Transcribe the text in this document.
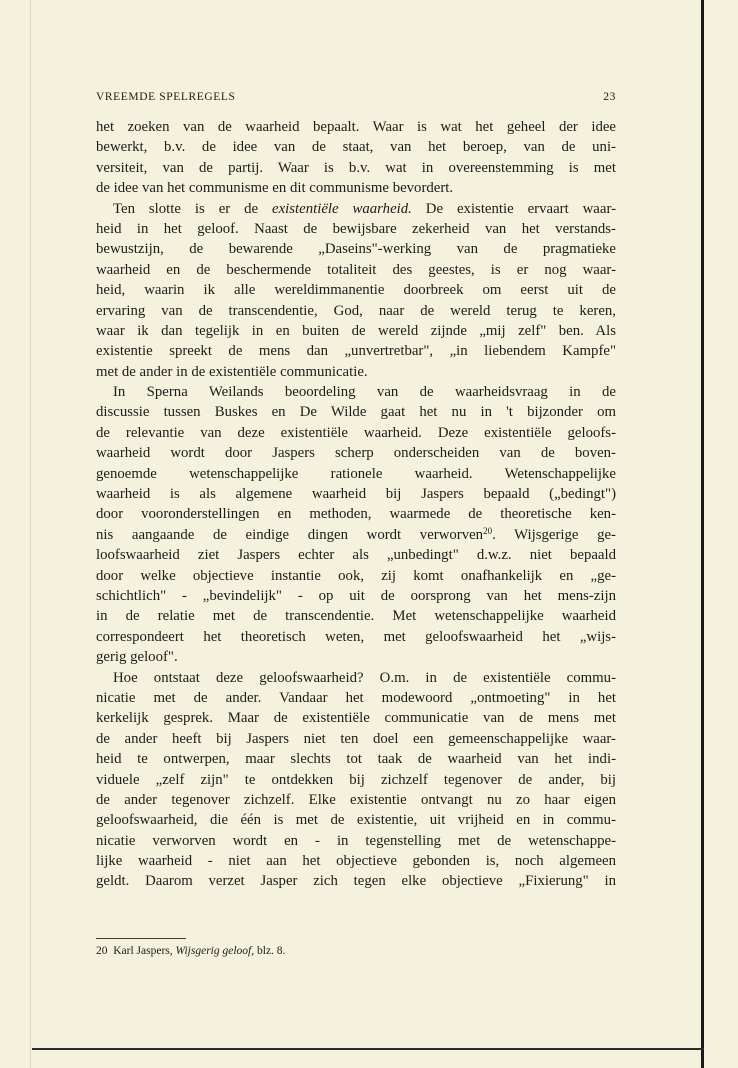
VREEMDE SPELREGELS	23
het zoeken van de waarheid bepaalt. Waar is wat het geheel der idee
bewerkt, b.v. de idee van de staat, van het beroep, van de uni-
versiteit, van de partij. Waar is b.v. wat in overeenstemming is met
de idee van het communisme en dit communisme bevordert.
Ten slotte is er de existentiële waarheid. De existentie ervaart waar-
heid in het geloof. Naast de bewijsbare zekerheid van het verstands-
bewustzijn, de bewarende „Daseins"-werking van de pragmatieke
waarheid en de beschermende totaliteit des geestes, is er nog waar-
heid, waarin ik alle wereldimmanentie doorbreek om eerst uit de
ervaring van de transcendentie, God, naar de wereld terug te keren,
waar ik dan tegelijk in en buiten de wereld zijnde „mij zelf" ben. Als
existentie spreekt de mens dan „unvertretbar", „in liebendem Kampfe"
met de ander in de existentiële communicatie.
In Sperna Weilands beoordeling van de waarheidsvraag in de
discussie tussen Buskes en De Wilde gaat het nu in 't bijzonder om
de relevantie van deze existentiële waarheid. Deze existentiële geloofs-
waarheid wordt door Jaspers scherp onderscheiden van de boven-
genoemde wetenschappelijke rationele waarheid. Wetenschappelijke
waarheid is als algemene waarheid bij Jaspers bepaald („bedingt")
door vooronderstellingen en methoden, waarmede de theoretische ken-
nis aangaande de eindige dingen wordt verworven$^{20}$. Wijsgerige ge-
loofswaarheid ziet Jaspers echter als „unbedingt" d.w.z. niet bepaald
door welke objectieve instantie ook, zij komt onafhankelijk en „ge-
schichtlich" - „bevindelijk" - op uit de oorsprong van het mens-zijn
in de relatie met de transcendentie. Met wetenschappelijke waarheid
correspondeert het theoretisch weten, met geloofswaarheid het „wijs-
gerig geloof".
Hoe ontstaat deze geloofswaarheid? O.m. in de existentiële commu-
nicatie met de ander. Vandaar het modewoord „ontmoeting" in het
kerkelijk gesprek. Maar de existentiële communicatie van de mens met
de ander heeft bij Jaspers niet ten doel een gemeenschappelijke waar-
heid te ontwerpen, maar slechts tot taak de waarheid van het indi-
viduele „zelf zijn" te ontdekken bij zichzelf tegenover de ander, bij
de ander tegenover zichzelf. Elke existentie ontvangt nu zo haar eigen
geloofswaarheid, die één is met de existentie, uit vrijheid en in commu-
nicatie verworven wordt en - in tegenstelling met de wetenschappe-
lijke waarheid - niet aan het objectieve gebonden is, noch algemeen
geldt. Daarom verzet Jasper zich tegen elke objectieve „Fixierung" in
20 Karl Jaspers, Wijsgerig geloof, blz. 8.
